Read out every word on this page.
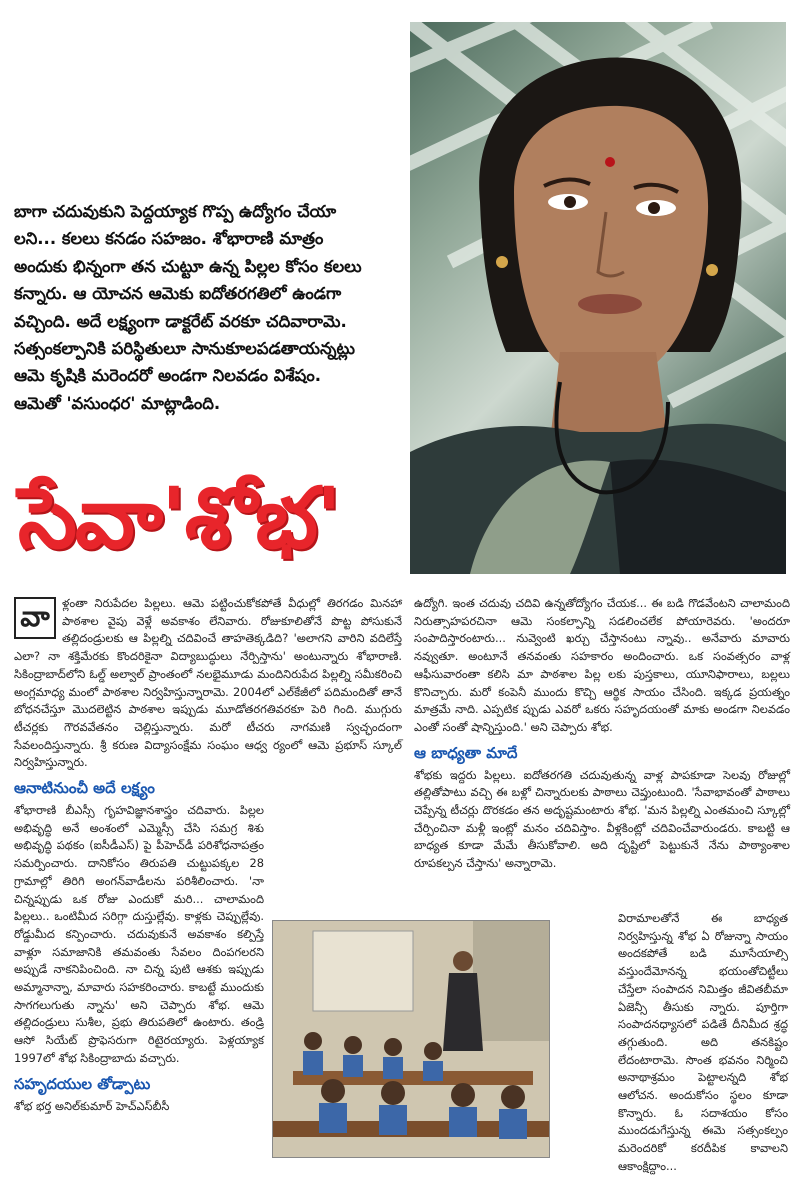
బాగా చదువుకుని పెద్దయ్యాక గొప్ప ఉద్యోగం చేయా

లని... కలలు కనడం సహజం. శోభారాణి మాత్రం

అందుకు భిన్నంగా తన చుట్టూ ఉన్న పిల్లల కోసం కలలు

కన్నారు. ఆ యోచన ఆమెకు ఐదోతరగతిలో ఉండగా

వచ్చింది. అదే లక్ష్యంగా డాక్టరేట్ వరకూ చదివారామె.

సత్సంకల్పానికి పరిస్థితులూ సానుకూలపడతాయన్నట్లు

ఆమె కృషికి మరెందరో అండగా నిలవడం విశేషం.

ఆమెతో 'వసుంధర' మాట్లాడింది.

సేవా'శోభ'

వా	ళ్లంతా నిరుపేదల పిల్లలు. ఆమె పట్టించుకోకపోతే వీధుల్లో తిరగడం మినహా పాఠశాల వైపు వెళ్లే అవకాశం లేనివారు. రోజుకూలితోనే పొట్ట పోసుకునే తల్లిదండ్రులకు ఆ పిల్లల్ని చదివించే తాహతెక్కడిది? 'అలాగని వారిని వదిలేస్తే ఎలా? నా శక్తిమేరకు కొందరికైనా విద్యాబుద్ధులు నేర్పిస్తాను' అంటున్నారు శోభారాణి. సికింద్రాబాద్‌లోని ఓల్డ్ అల్వాల్ ప్రాంతంలో నలభైమూడు మందినిరుపేద పిల్లల్ని సమీకరించి అంగ్లమాధ్య మంలో పాఠశాల నిర్వహిస్తున్నారామె. 2004లో ఎల్‌కేజీలో పదిమందితో తానే బోధనచేస్తూ మొదలెట్టిన పాఠశాల ఇప్పుడు మూడోతరగతివరకూ పెరి గింది. ముగ్గురు టీచర్లకు గౌరవవేతనం చెల్లిస్తున్నారు. మరో టీచరు నాగమణి స్వచ్ఛందంగా సేవలందిస్తున్నారు. శ్రీ కరుణ విద్యాసంక్షేమ సంఘం ఆధ్వ ర్యంలో ఆమె ప్రభూస్ స్కూల్ నిర్వహిస్తున్నారు.

ఆనాటినుంచీ అదే లక్ష్యం

శోభారాణి బీఎస్సీ గృహవిజ్ఞానశాస్త్రం చదివారు. పిల్లల అభివృద్ధి అనే అంశంలో ఎమ్మెస్సీ చేసి సమగ్ర శిశు అభివృద్ధి పథకం (ఐసీడీఎస్) పై పీహెచ్‌డీ పరిశోధనాపత్రం సమర్పించారు. దానికోసం తిరుపతి చుట్టుపక్కల 28 గ్రామాల్లో తిరిగి అంగన్‌వాడీలను పరిశీలించారు. 'నా చిన్నప్పుడు ఒక రోజు ఎందుకో మరి... చాలామంది పిల్లలు.. ఒంటిమీద సరిగ్గా దుస్తుల్లేవు. కాళ్లకు చెప్పుల్లేవు. రోడ్డుమీద కన్పించారు. చదువుకునే అవకాశం కల్పిస్తే వాళ్లూ సమాజానికి తమవంతు సేవలం దింపగలరని అప్పుడే నాకనిపించింది. నా చిన్న పుటి ఆశకు ఇప్పుడు అమ్మానాన్నా, మావారు సహకరించారు. కాబట్టే ముందుకు సాగగలుగుతు న్నాను' అని చెప్పారు శోభ. ఆమె తల్లిదండ్రులు సుశీల, ప్రభు తిరుపతిలో ఉంటారు. తండ్రి ఆసో సియేట్ ప్రొఫెసరుగా రిటైరయ్యారు. పెళ్లయ్యాక 1997లో శోభ సికింద్రాబాదు వచ్చారు.

సహృదయుల తోడ్పాటు

శోభ భర్త అనిల్‌కుమార్ హెచ్‌ఎస్‌బీసీ

ఉద్యోగి. ఇంత చదువు చదివి ఉన్నతోద్యోగం చేయక... ఈ బడి గొడవేంటని చాలామంది నిరుత్సాహపరచినా ఆమె సంకల్పాన్ని సడలించలేక పోయారెవరు. 'అందరూ సంపాదిస్తారంటారు... నువ్వెంటి ఖర్చు చేస్తానంటు న్నావు.. అనేవారు మావారు నవ్వుతూ. అంటూనే తనవంతు సహకారం అందించారు. ఒక సంవత్సరం వాళ్ల ఆఫీసువారంతా కలిసి మా పాఠశాల పిల్ల లకు పుస్తకాలు, యూనిఫారాలు, బల్లలు కొనిచ్చారు. మరో కంపెనీ ముందు కొచ్చి ఆర్థిక సాయం చేసింది. ఇక్కడ ప్రయత్నం మాత్రమే నాది. ఎప్పటిక ప్పుడు ఎవరో ఒకరు సహృదయంతో మాకు అండగా నిలవడం ఎంతో సంతో షాన్నిస్తుంది.' అని చెప్పారు శోభ.

ఆ బాధ్యతా మాదే

శోభకు ఇద్దరు పిల్లలు. ఐదోతరగతి చదువుతున్న వాళ్ల పాపకూడా సెలవు రోజుల్లో తల్లితోపాటు వచ్చి ఈ బళ్లో చిన్నారులకు పాఠాలు చెప్తుంటుంది. 'సేవాభావంతో పాఠాలు చెప్పేన్న టీచర్లు దొరకడం తన అదృష్టమంటారు శోభ. 'మన పిల్లల్ని ఎంతమంచి స్కూల్లో చేర్పించినా మళ్లీ ఇంట్లో మనం చదివిస్తాం. వీళ్లకింట్లో చదివించేవారుండరు. కాబట్టి ఆ బాధ్యత కూడా మేమే తీసుకోవాలి. అది దృష్టిలో పెట్టుకునే నేను పాఠ్యాంశాల రూపకల్పన చేస్తాను' అన్నారామె.

విరామాలతోనే ఈ బాధ్యత నిర్వహిస్తున్న శోభ ఏ రోజున్నా సాయం అందకపోతే బడి మూసేయాల్సి వస్తుందేమోనన్న భయంతోచిట్టీలు చేస్తేలా సంపాదన నిమిత్తం జీవితబీమా ఏజెన్సీ తీసుకు న్నారు. పూర్తిగా సంపాదనధ్యాసలో పడితే దీనిమీద శ్రద్ధ తగ్గుతుంది. అది తనకిష్టం లేదంటారామె. సొంత భవనం నిర్మించి అనాథాశ్రమం పెట్టాలన్నది శోభ ఆలోచన. అందుకోసం స్థలం కూడా కొన్నారు. ఓ సదాశయం కోసం ముందడుగేస్తున్న ఈమె సత్సంకల్పం మరెందరికో కరదీపిక కావాలని ఆకాంక్షిద్దాం...
